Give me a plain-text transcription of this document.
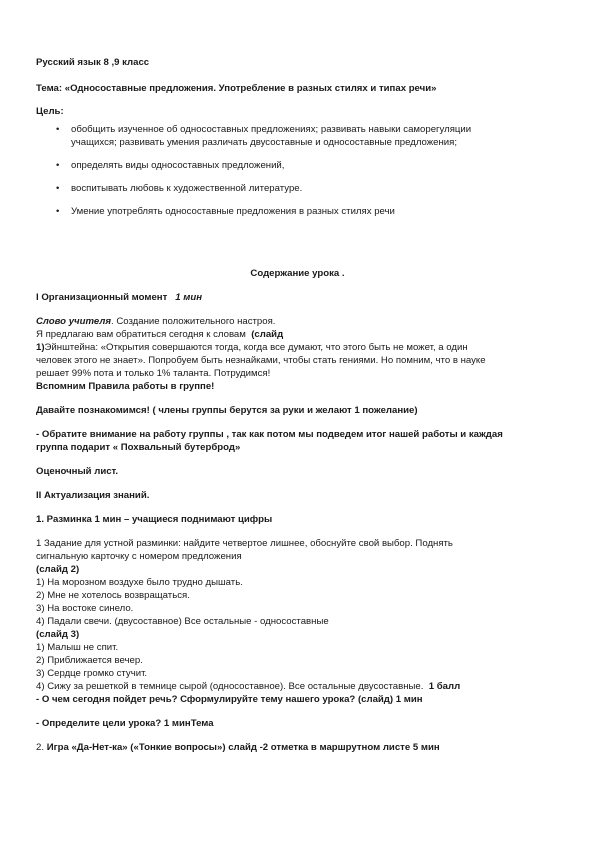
Русский язык 8 ,9 класс
Тема: «Односоставные предложения. Употребление в разных стилях и типах речи»
Цель:
• обобщить изученное об односоставных предложениях; развивать навыки саморегуляции
учащихся; развивать умения различать двусоставные и односоставные предложения;
• определять виды односоставных предложений,
• воспитывать любовь к художественной литературе.
• Умение употреблять односоставные предложения в разных стилях речи
Содержание урока .
I Организационный момент 1 мин
Слово учителя. Создание положительного настроя.
Я предлагаю вам обратиться сегодня к словам (слайд
1)Эйнштейна: «Открытия совершаются тогда, когда все думают, что этого быть не может, а один
человек этого не знает». Попробуем быть незнайками, чтобы стать гениями. Но помним, что в науке
решает 99% пота и только 1% таланта. Потрудимся!
Вспомним Правила работы в группе!
Давайте познакомимся! ( члены группы берутся за руки и желают 1 пожелание)
- Обратите внимание на работу группы , так как потом мы подведем итог нашей работы и каждая
группа подарит « Похвальный бутерброд»
Оценочный лист.
II Актуализация знаний.
1. Разминка 1 мин – учащиеся поднимают цифры
1 Задание для устной разминки: найдите четвертое лишнее, обоснуйте свой выбор. Поднять
сигнальную карточку с номером предложения
(слайд 2)
1) На морозном воздухе было трудно дышать.
2) Мне не хотелось возвращаться.
3) На востоке синело.
4) Падали свечи. (двусоставное) Все остальные - односоставные
(слайд 3)
1) Малыш не спит.
2) Приближается вечер.
3) Сердце громко стучит.
4) Сижу за решеткой в темнице сырой (односоставное). Все остальные двусоставные. 1 балл
- О чем сегодня пойдет речь? Сформулируйте тему нашего урока? (слайд) 1 мин
- Определите цели урока? 1 минТема
2. Игра «Да-Нет-ка» («Тонкие вопросы») слайд -2 отметка в маршрутном листе 5 мин
